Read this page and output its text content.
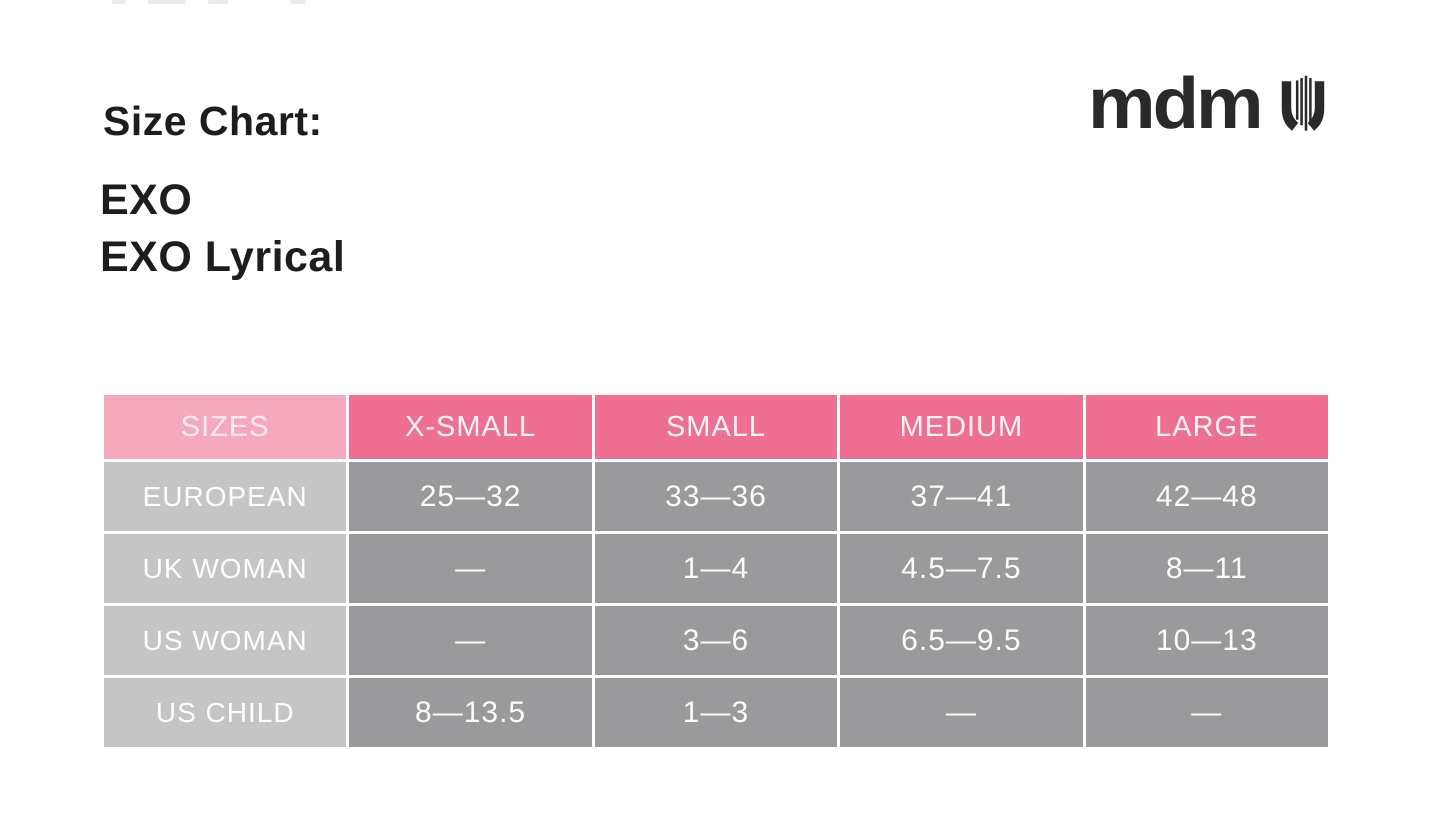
Size Chart:
EXO
EXO Lyrical
mdm
SIZES	X-SMALL	SMALL	MEDIUM	LARGE
EUROPEAN	25—32	33—36	37—41	42—48
UK WOMAN	—	1—4	4.5—7.5	8—11
US WOMAN	—	3—6	6.5—9.5	10—13
US CHILD	8—13.5	1—3	—	—
